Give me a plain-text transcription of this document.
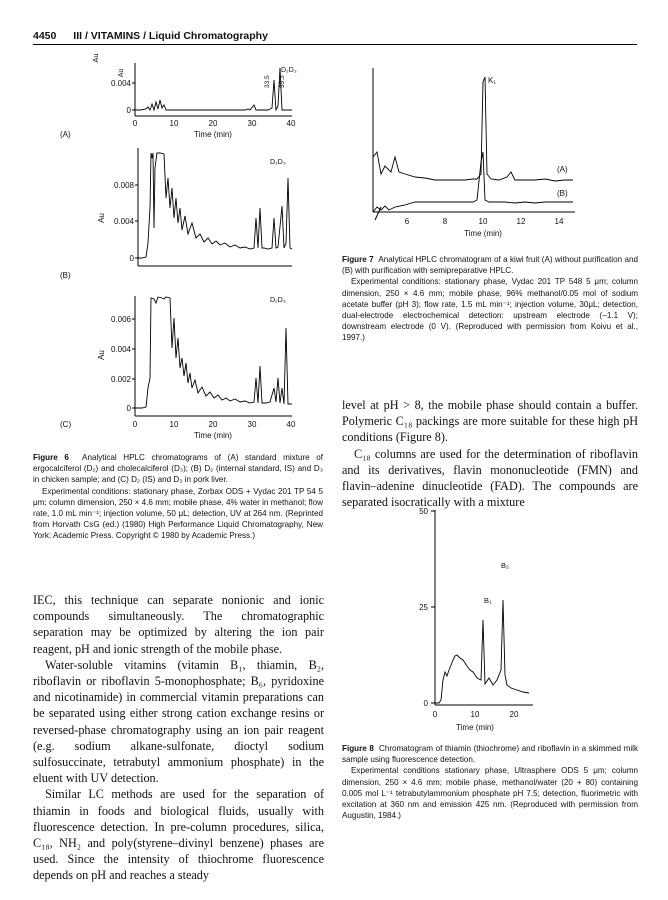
4450 III / VITAMINS / Liquid Chromatography
Au
Au
0.004
0
D₂D₃
33.5 35.3
0	10	20	30	40
Time (min)
(A)
Au
0.008
0.004
0
D₂D₃
(B)
Au
0.006
0.004
0.002
0
D₂D₃
0	10	20	30	40
Time (min)
(C)

Figure 6 Analytical HPLC chromatograms of (A) standard mixture of ergocalciferol (D₂) and cholecalciferol (D₃); (B) D₂ (internal standard, IS) and D₃ in chicken sample; and (C) D₂ (IS) and D₃ in pork liver.

Experimental conditions: stationary phase, Zorbax ODS + Vydac 201 TP 54 5 μm; column dimension, 250 × 4.6 mm; mobile phase, 4% water in methanol; flow rate, 1.0 mL min⁻¹; injection volume, 50 μL; detection, UV at 264 nm. (Reprinted from Horvath CsG (ed.) (1980) High Performance Liquid Chromatography, New York: Academic Press. Copyright © 1980 by Academic Press.)

IEC, this technique can separate nonionic and ionic compounds simultaneously. The chromatographic separation may be optimized by altering the ion pair reagent, pH and ionic strength of the mobile phase.

Water-soluble vitamins (vitamin B₁, thiamin, B₂, riboflavin or riboflavin 5-monophosphate; B₆, pyridoxine and nicotinamide) in commercial vitamin preparations can be separated using either strong cation exchange resins or reversed-phase chromatography using an ion pair reagent (e.g. sodium alkane-sulfonate, dioctyl sodium sulfosuccinate, tetrabutyl ammonium phosphate) in the eluent with UV detection.

Similar LC methods are used for the separation of thiamin in foods and biological fluids, usually with fluorescence detection. In pre-column procedures, silica, C₁₈, NH₂ and poly(styrene–divinyl benzene) phases are used. Since the intensity of thiochrome fluorescence depends on pH and reaches a steady

K₁
(A)
(B)
6	8	10	12	14
Time (min)

Figure 7 Analytical HPLC chromatogram of a kiwi fruit (A) without purification and (B) with purification with semipreparative HPLC.

Experimental conditions: stationary phase, Vydac 201 TP 548 5 μm; column dimension, 250 × 4.6 mm; mobile phase, 96% methanol/0.05 mol of sodium acetate buffer (pH 3); flow rate, 1.5 mL min⁻¹; injection volume, 30μL; detection, dual-electrode electrochemical detection: upstream electrode (−1.1 V); downstream electrode (0 V). (Reproduced with permission from Koivu et al., 1997.)

level at pH > 8, the mobile phase should contain a buffer. Polymeric C₁₈ packings are more suitable for these high pH conditions (Figure 8).

C₁₈ columns are used for the determination of riboflavin and its derivatives, flavin mononucleotide (FMN) and flavin–adenine dinucleotide (FAD). The compounds are separated isocratically with a mixture

50
25
0
B₁
B₂
0	10	20
Time (min)

Figure 8 Chromatogram of thiamin (thiochrome) and riboflavin in a skimmed milk sample using fluorescence detection.

Experimental conditions stationary phase, Ultrasphere ODS 5 μm; column dimension, 250 × 4.6 mm; mobile phase, methanol/water (20 + 80) containing 0.005 mol L⁻¹ tetrabutylammonium phosphate pH 7.5; detection, fluorimetric with excitation at 360 nm and emission 425 nm. (Reproduced with permission from Augustin, 1984.)
